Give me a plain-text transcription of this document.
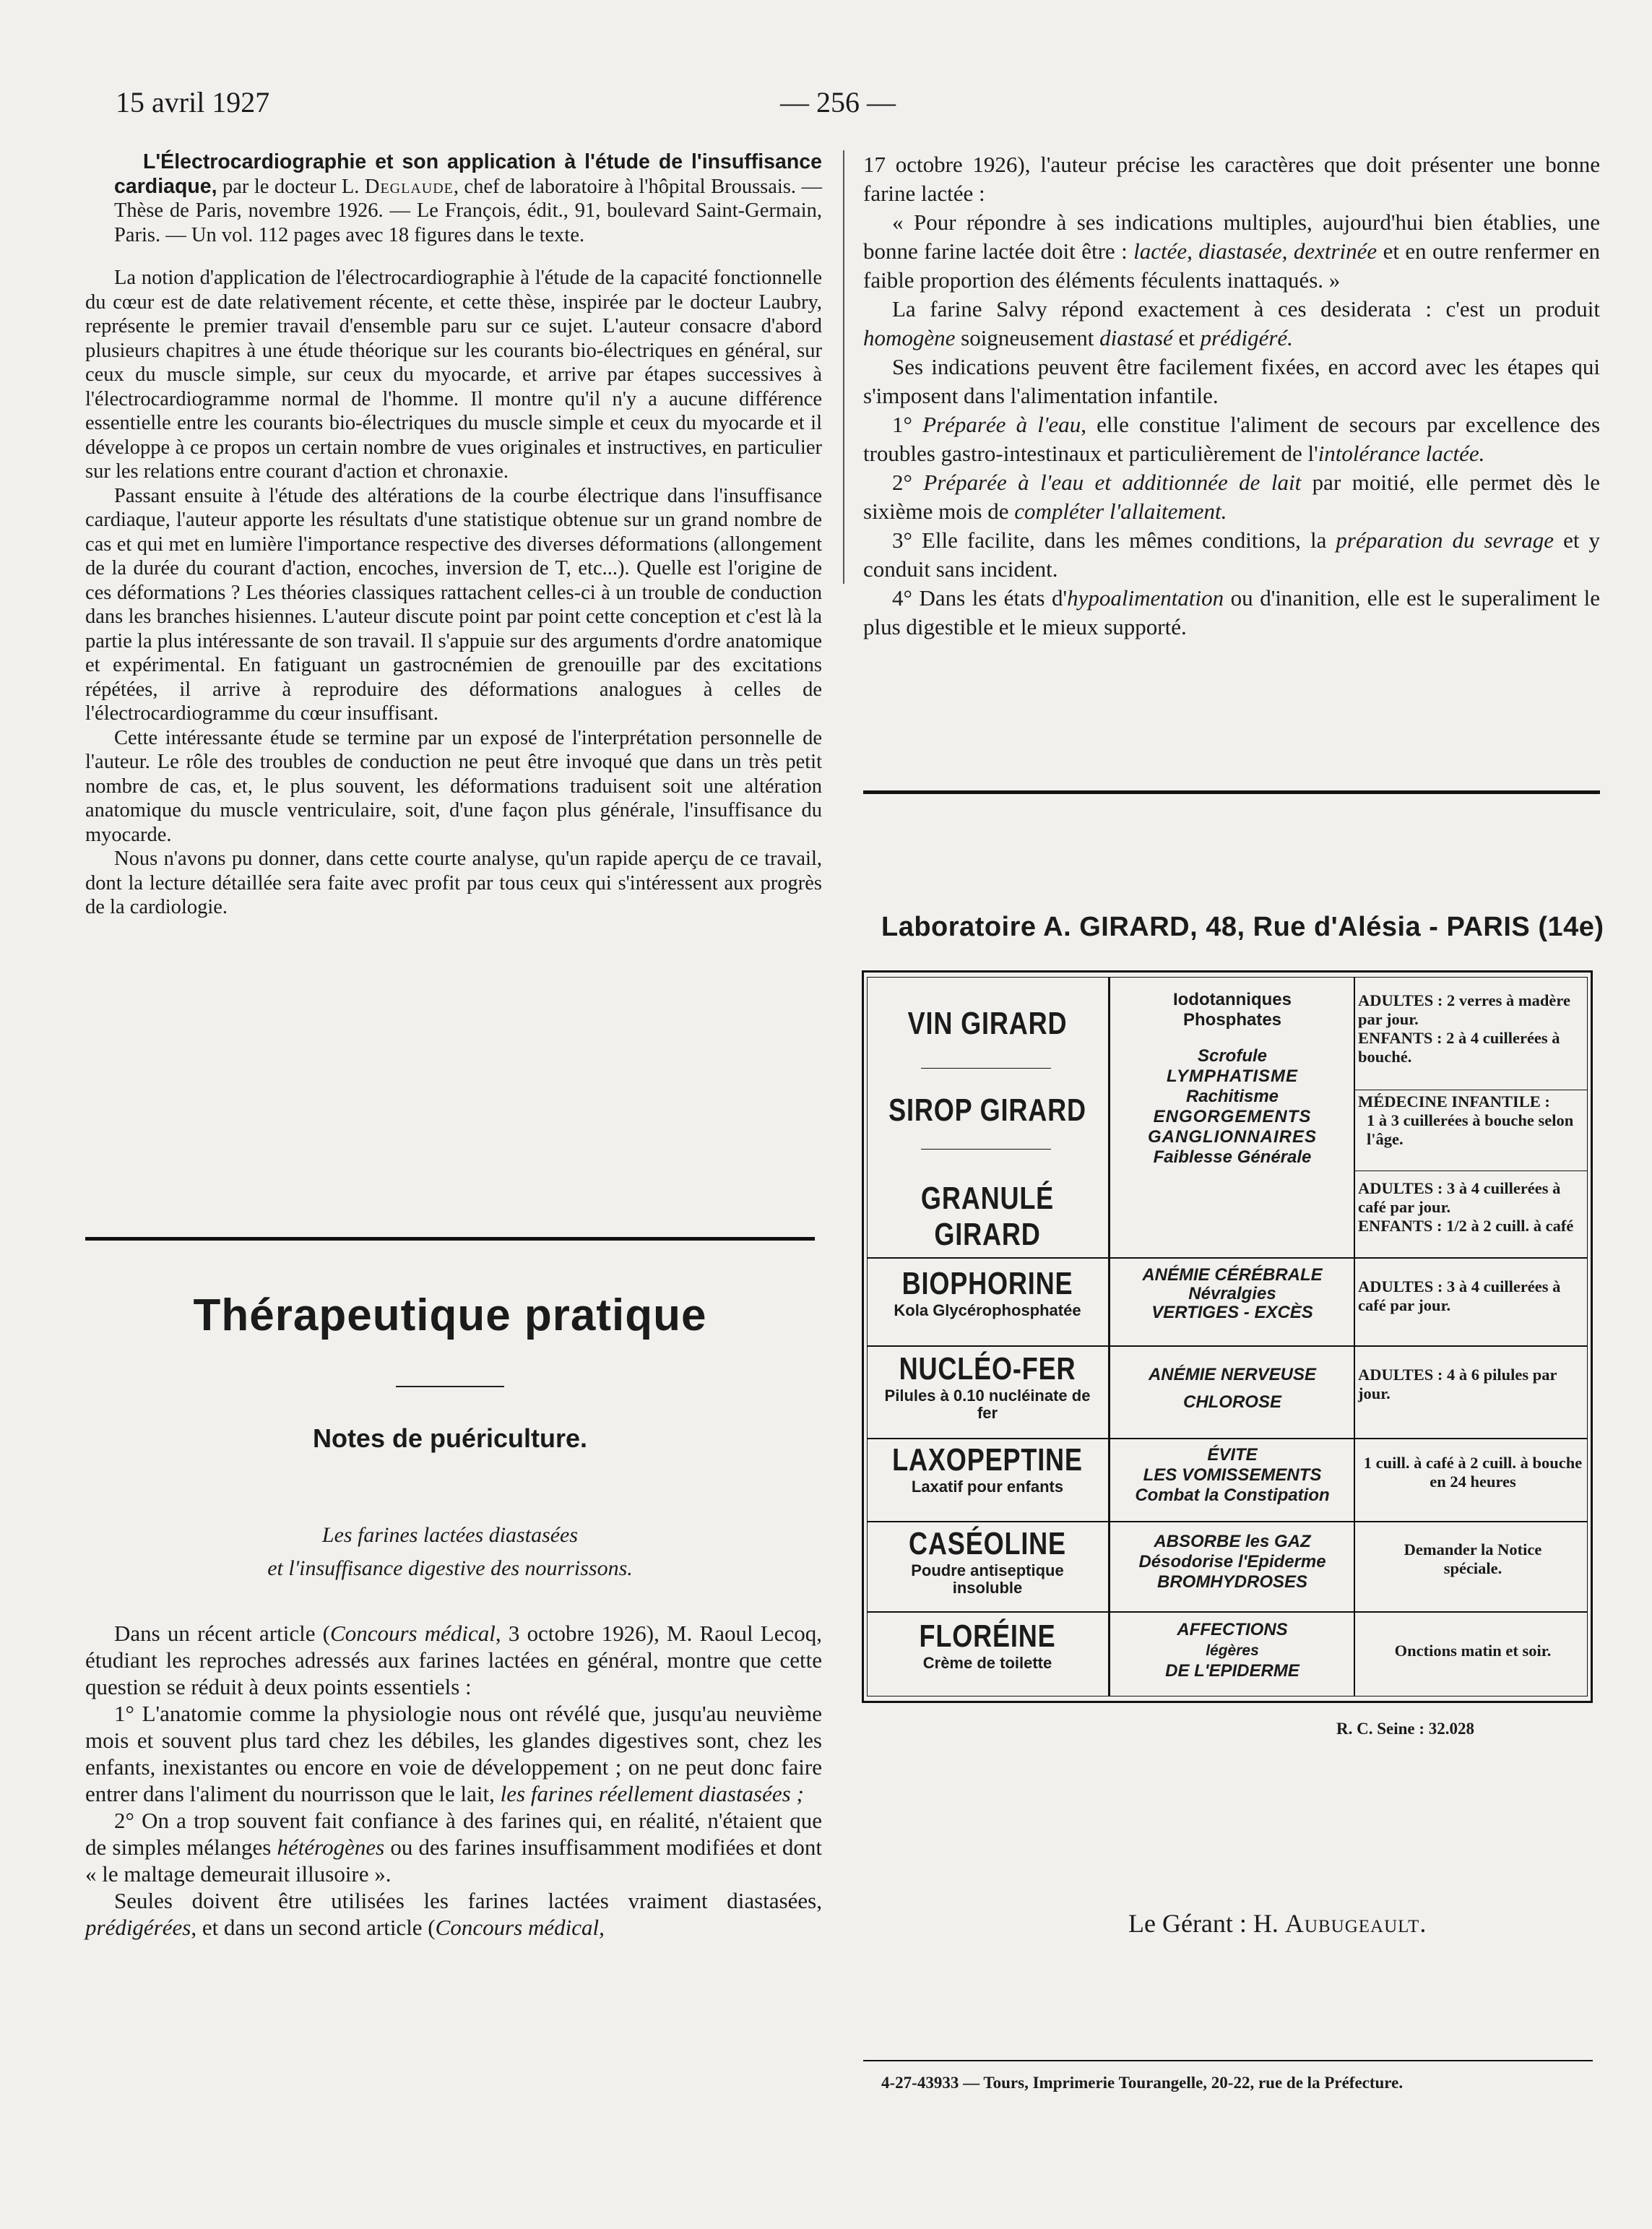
15 avril 1927	— 256 —

L'Électrocardiographie et son application à l'étude de l'insuffisance cardiaque, par le docteur L. Deglaude, chef de laboratoire à l'hôpital Broussais. — Thèse de Paris, novembre 1926. — Le François, édit., 91, boulevard Saint-Germain, Paris. — Un vol. 112 pages avec 18 figures dans le texte.

La notion d'application de l'électrocardiographie à l'étude de la capacité fonctionnelle du cœur est de date relativement récente, et cette thèse, inspirée par le docteur Laubry, représente le premier travail d'ensemble paru sur ce sujet. L'auteur consacre d'abord plusieurs chapitres à une étude théorique sur les courants bio-électriques en général, sur ceux du muscle simple, sur ceux du myocarde, et arrive par étapes successives à l'électrocardiogramme normal de l'homme. Il montre qu'il n'y a aucune différence essentielle entre les courants bio-électriques du muscle simple et ceux du myocarde et il développe à ce propos un certain nombre de vues originales et instructives, en particulier sur les relations entre courant d'action et chronaxie.

Passant ensuite à l'étude des altérations de la courbe électrique dans l'insuffisance cardiaque, l'auteur apporte les résultats d'une statistique obtenue sur un grand nombre de cas et qui met en lumière l'importance respective des diverses déformations (allongement de la durée du courant d'action, encoches, inversion de T, etc...). Quelle est l'origine de ces déformations ? Les théories classiques rattachent celles-ci à un trouble de conduction dans les branches hisiennes. L'auteur discute point par point cette conception et c'est là la partie la plus intéressante de son travail. Il s'appuie sur des arguments d'ordre anatomique et expérimental. En fatiguant un gastrocnémien de grenouille par des excitations répétées, il arrive à reproduire des déformations analogues à celles de l'électrocardiogramme du cœur insuffisant.

Cette intéressante étude se termine par un exposé de l'interprétation personnelle de l'auteur. Le rôle des troubles de conduction ne peut être invoqué que dans un très petit nombre de cas, et, le plus souvent, les déformations traduisent soit une altération anatomique du muscle ventriculaire, soit, d'une façon plus générale, l'insuffisance du myocarde.

Nous n'avons pu donner, dans cette courte analyse, qu'un rapide aperçu de ce travail, dont la lecture détaillée sera faite avec profit par tous ceux qui s'intéressent aux progrès de la cardiologie.

Thérapeutique pratique
Notes de puériculture.
Les farines lactées diastasées
et l'insuffisance digestive des nourrissons.

Dans un récent article (Concours médical, 3 octobre 1926), M. Raoul Lecoq, étudiant les reproches adressés aux farines lactées en général, montre que cette question se réduit à deux points essentiels :

1° L'anatomie comme la physiologie nous ont révélé que, jusqu'au neuvième mois et souvent plus tard chez les débiles, les glandes digestives sont, chez les enfants, inexistantes ou encore en voie de développement ; on ne peut donc faire entrer dans l'aliment du nourrisson que le lait, les farines réellement diastasées ;

2° On a trop souvent fait confiance à des farines qui, en réalité, n'étaient que de simples mélanges hétérogènes ou des farines insuffisamment modifiées et dont « le maltage demeurait illusoire ».

Seules doivent être utilisées les farines lactées vraiment diastasées, prédigérées, et dans un second article (Concours médical,

17 octobre 1926), l'auteur précise les caractères que doit présenter une bonne farine lactée :

« Pour répondre à ses indications multiples, aujourd'hui bien établies, une bonne farine lactée doit être : lactée, diastasée, dextrinée et en outre renfermer en faible proportion des éléments féculents inattaqués. »

La farine Salvy répond exactement à ces desiderata : c'est un produit homogène soigneusement diastasé et prédigéré.

Ses indications peuvent être facilement fixées, en accord avec les étapes qui s'imposent dans l'alimentation infantile.

1° Préparée à l'eau, elle constitue l'aliment de secours par excellence des troubles gastro-intestinaux et particulièrement de l'intolérance lactée.

2° Préparée à l'eau et additionnée de lait par moitié, elle permet dès le sixième mois de compléter l'allaitement.

3° Elle facilite, dans les mêmes conditions, la préparation du sevrage et y conduit sans incident.

4° Dans les états d'hypoalimentation ou d'inanition, elle est le superaliment le plus digestible et le mieux supporté.

Laboratoire A. GIRARD, 48, Rue d'Alésia - PARIS (14e)
VIN GIRARD
SIROP GIRARD
GRANULÉ GIRARD
BIOPHORINE
Kola Glycérophosphatée
NUCLÉO-FER
Pilules à 0.10 nucléinate de fer
LAXOPEPTINE
Laxatif pour enfants
CASÉOLINE
Poudre antiseptique insoluble
FLORÉINE
Crème de toilette
Iodotanniques
Phosphates
Scrofule
LYMPHATISME
Rachitisme
ENGORGEMENTS
GANGLIONNAIRES
Faiblesse Générale
ANÉMIE CÉRÉBRALE
Névralgies
VERTIGES - EXCÈS
ANÉMIE NERVEUSE
CHLOROSE
ÉVITE
LES VOMISSEMENTS
Combat la Constipation
ABSORBE les GAZ
Désodorise l'Epiderme
BROMHYDROSES
AFFECTIONS
légères
DE L'EPIDERME
ADULTES : 2 verres à madère par jour.
ENFANTS : 2 à 4 cuillerées à bouché.
MÉDECINE INFANTILE :
1 à 3 cuillerées à bouche selon l'âge.
ADULTES : 3 à 4 cuillerées à café par jour.
ENFANTS : 1/2 à 2 cuill. à café
ADULTES : 3 à 4 cuillerées à café par jour.
ADULTES : 4 à 6 pilules par jour.
1 cuill. à café à 2 cuill. à bouche en 24 heures
Demander la Notice spéciale.
Onctions matin et soir.
R. C. Seine : 32.028
Le Gérant : H. Aubugeault.
4-27-43933 — Tours, Imprimerie Tourangelle, 20-22, rue de la Préfecture.
